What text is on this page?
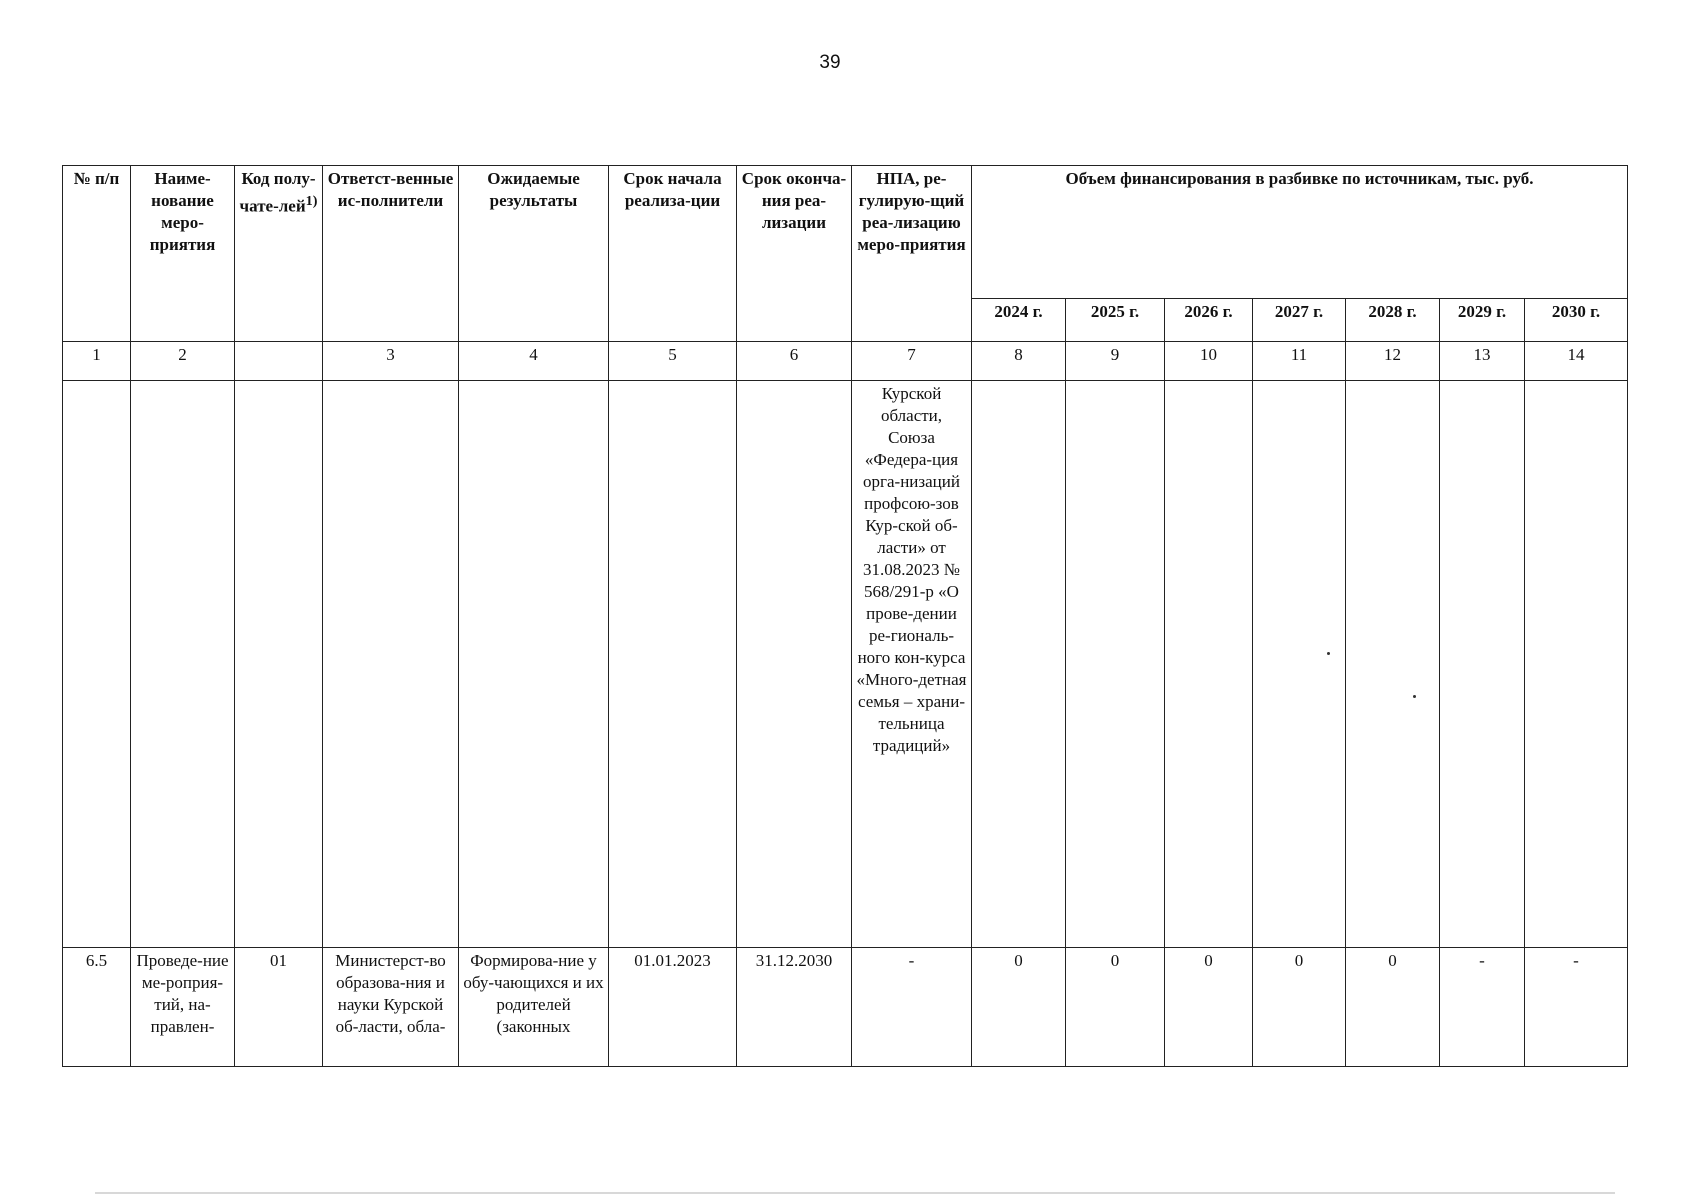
39
№ п/п	Наиме-нование меро-приятия	Код полу-чате-лей$^{1)}$	Ответст-венные ис-полнители	Ожидаемые результаты	Срок начала реализа-ции	Срок оконча-ния реа-лизации	НПА, ре-гулирую-щий реа-лизацию меро-приятия	Объем финансирования в разбивке по источникам, тыс. руб.						
								2024 г.	2025 г.	2026 г.	2027 г.	2028 г.	2029 г.	2030 г.
1	2		3	4	5	6	7	8	9	10	11	12	13	14
							Курской области, Союза «Федера-ция орга-низаций профсою-зов Кур-ской об-ласти» от 31.08.2023 № 568/291-р «О прове-дении ре-гиональ-ного кон-курса «Много-детная семья – храни-тельница традиций»							
6.5	Проведе-ние ме-роприя-тий, на-правлен-	01	Министерст-во образова-ния и науки Курской об-ласти, обла-	Формирова-ние у обу-чающихся и их родителей (законных	01.01.2023	31.12.2030	-	0	0	0	0	0	-	-
